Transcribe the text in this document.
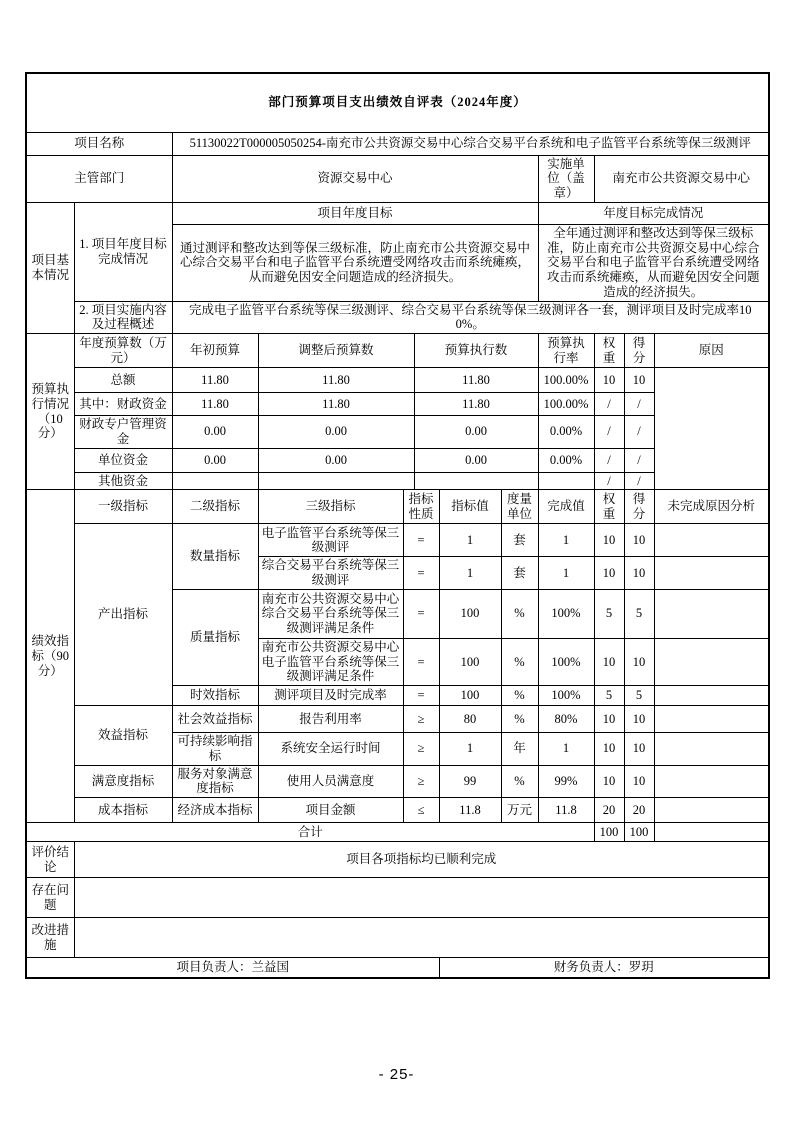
部门预算项目支出绩效自评表（2024年度）											
项目名称		51130022T000005050254-南充市公共资源交易中心综合交易平台系统和电子监管平台系统等保三级测评									
主管部门		资源交易中心						实施单位（盖章）	南充市公共资源交易中心		
项目基本情况	1. 项目年度目标完成情况	项目年度目标						年度目标完成情况			
		通过测评和整改达到等保三级标准，防止南充市公共资源交易中心综合交易平台和电子监管平台系统遭受网络攻击而系统瘫痪，从而避免因安全问题造成的经济损失。						全年通过测评和整改达到等保三级标准，防止南充市公共资源交易中心综合交易平台和电子监管平台系统遭受网络攻击而系统瘫痪，从而避免因安全问题造成的经济损失。			
	2. 项目实施内容及过程概述	完成电子监管平台系统等保三级测评、综合交易平台系统等保三级测评各一套，测评项目及时完成率100%。									
预算执行情况（10分）	年度预算数（万元）	年初预算	调整后预算数		预算执行数			预算执行率	权重	得分	原因
	总额	11.80	11.80		11.80			100.00%	10	10	
	其中：财政资金	11.80	11.80		11.80			100.00%	/	/	
	财政专户管理资金	0.00	0.00		0.00			0.00%	/	/	
	单位资金	0.00	0.00		0.00			0.00%	/	/	
	其他资金								/	/	
绩效指标（90分）	一级指标	二级指标	三级指标	指标性质		指标值	度量单位	完成值	权重	得分	未完成原因分析
	产出指标	数量指标	电子监管平台系统等保三级测评	=		1	套	1	10	10	
			综合交易平台系统等保三级测评	=		1	套	1	10	10	
		质量指标	南充市公共资源交易中心综合交易平台系统等保三级测评满足条件	=		100	%	100%	5	5	
			南充市公共资源交易中心电子监管平台系统等保三级测评满足条件	=		100	%	100%	10	10	
		时效指标	测评项目及时完成率	=		100	%	100%	5	5	
	效益指标	社会效益指标	报告利用率	≥		80	%	80%	10	10	
		可持续影响指标	系统安全运行时间	≥		1	年	1	10	10	
	满意度指标	服务对象满意度指标	使用人员满意度	≥		99	%	99%	10	10	
	成本指标	经济成本指标	项目金额	≤		11.8	万元	11.8	20	20	
合计									100	100	
评价结论	项目各项指标均已顺利完成										
存在问题											
改进措施											
项目负责人：兰益国						财务负责人：罗玥					
- 25-
